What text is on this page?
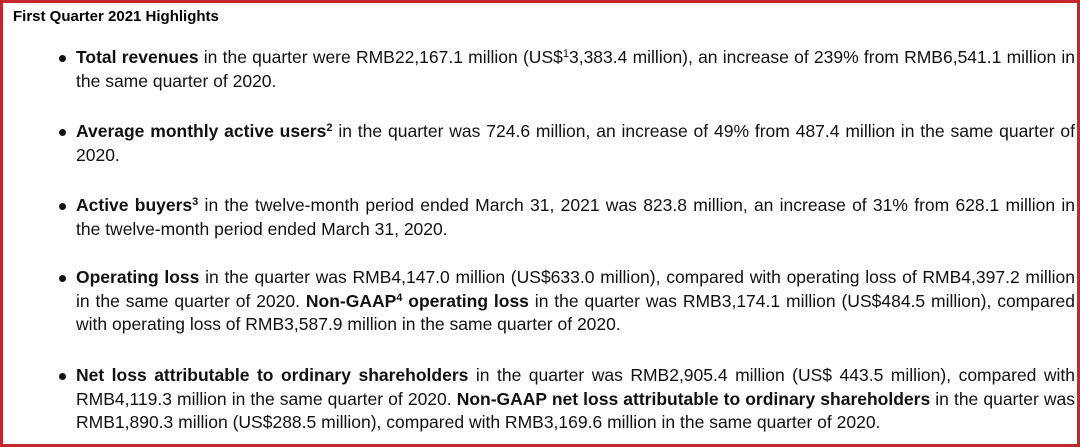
First Quarter 2021 Highlights
Total revenues in the quarter were RMB22,167.1 million (US\$$^1$3,383.4 million), an increase of 239% from RMB6,541.1 million in the same quarter of 2020.
Average monthly active users$^2$ in the quarter was 724.6 million, an increase of 49% from 487.4 million in the same quarter of 2020.
Active buyers$^3$ in the twelve-month period ended March 31, 2021 was 823.8 million, an increase of 31% from 628.1 million in the twelve-month period ended March 31, 2020.
Operating loss in the quarter was RMB4,147.0 million (US$633.0 million), compared with operating loss of RMB4,397.2 million in the same quarter of 2020. Non-GAAP$^4$ operating loss in the quarter was RMB3,174.1 million (US$484.5 million), compared with operating loss of RMB3,587.9 million in the same quarter of 2020.
Net loss attributable to ordinary shareholders in the quarter was RMB2,905.4 million (US$ 443.5 million), compared with RMB4,119.3 million in the same quarter of 2020. Non-GAAP net loss attributable to ordinary shareholders in the quarter was RMB1,890.3 million (US$288.5 million), compared with RMB3,169.6 million in the same quarter of 2020.
